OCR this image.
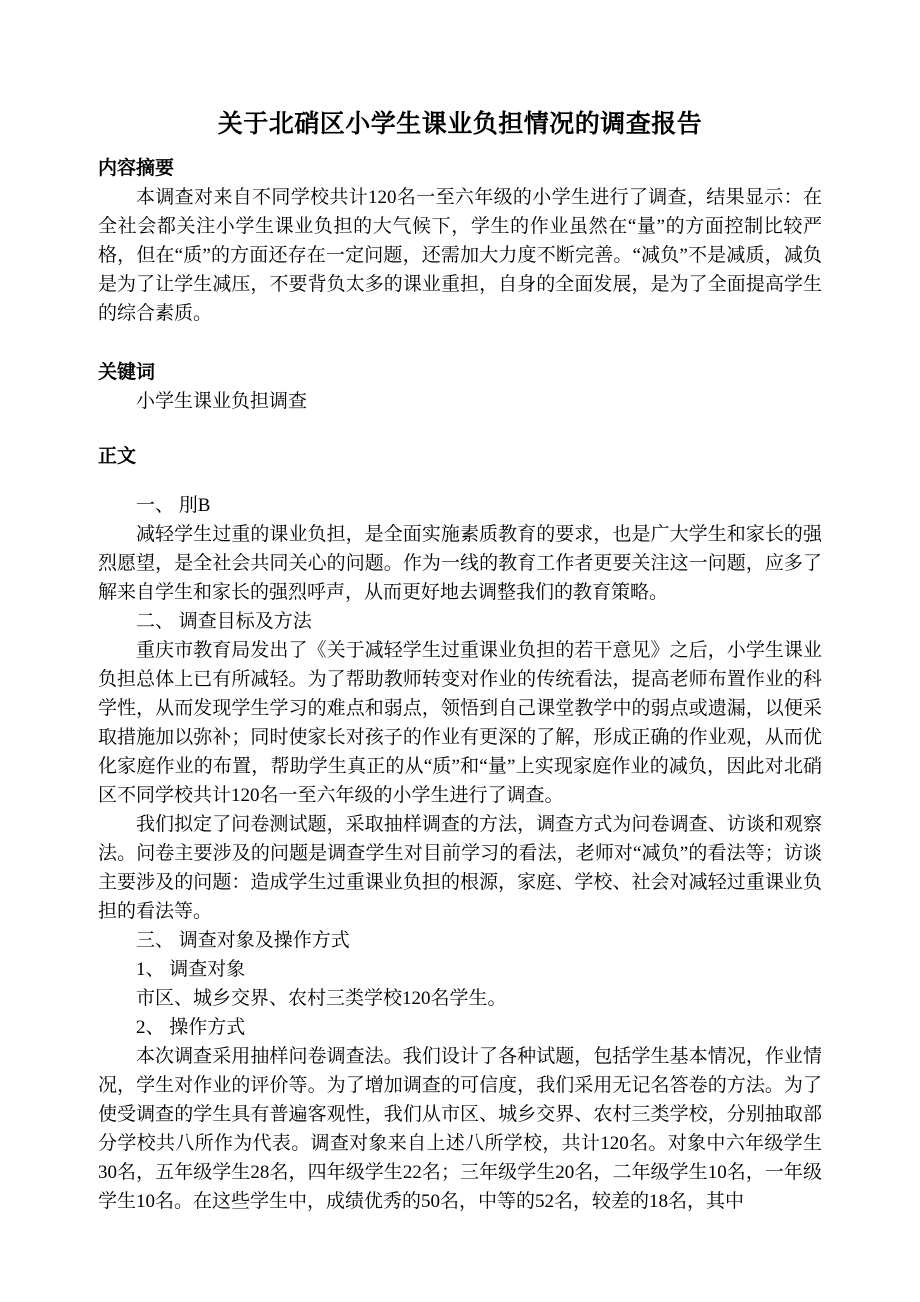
关于北硝区小学生课业负担情况的调查报告
内容摘要

本调查对来自不同学校共计120名一至六年级的小学生进行了调查，结果显示：在全社会都关注小学生课业负担的大气候下，学生的作业虽然在“量”的方面控制比较严格，但在“质”的方面还存在一定问题，还需加大力度不断完善。“减负”不是减质，减负是为了让学生减压，不要背负太多的课业重担，自身的全面发展，是为了全面提高学生的综合素质。

关键词

小学生课业负担调查

正文

一、 刖B

减轻学生过重的课业负担，是全面实施素质教育的要求，也是广大学生和家长的强烈愿望，是全社会共同关心的问题。作为一线的教育工作者更要关注这一问题，应多了解来自学生和家长的强烈呼声，从而更好地去调整我们的教育策略。

二、 调查目标及方法

重庆市教育局发出了《关于减轻学生过重课业负担的若干意见》之后，小学生课业负担总体上已有所减轻。为了帮助教师转变对作业的传统看法，提高老师布置作业的科学性，从而发现学生学习的难点和弱点，领悟到自己课堂教学中的弱点或遗漏，以便采取措施加以弥补；同时使家长对孩子的作业有更深的了解，形成正确的作业观，从而优化家庭作业的布置，帮助学生真正的从“质”和“量”上实现家庭作业的减负，因此对北硝区不同学校共计120名一至六年级的小学生进行了调查。

我们拟定了问卷测试题，采取抽样调查的方法，调查方式为问卷调查、访谈和观察法。问卷主要涉及的问题是调查学生对目前学习的看法，老师对“减负”的看法等；访谈主要涉及的问题：造成学生过重课业负担的根源，家庭、学校、社会对减轻过重课业负担的看法等。

三、 调查对象及操作方式

1、 调查对象

市区、城乡交界、农村三类学校120名学生。

2、 操作方式

本次调查采用抽样问卷调查法。我们设计了各种试题，包括学生基本情况，作业情况，学生对作业的评价等。为了增加调查的可信度，我们采用无记名答卷的方法。为了使受调查的学生具有普遍客观性，我们从市区、城乡交界、农村三类学校，分别抽取部分学校共八所作为代表。调查对象来自上述八所学校，共计120名。对象中六年级学生30名，五年级学生28名，四年级学生22名；三年级学生20名，二年级学生10名，一年级学生10名。在这些学生中，成绩优秀的50名，中等的52名，较差的18名，其中
